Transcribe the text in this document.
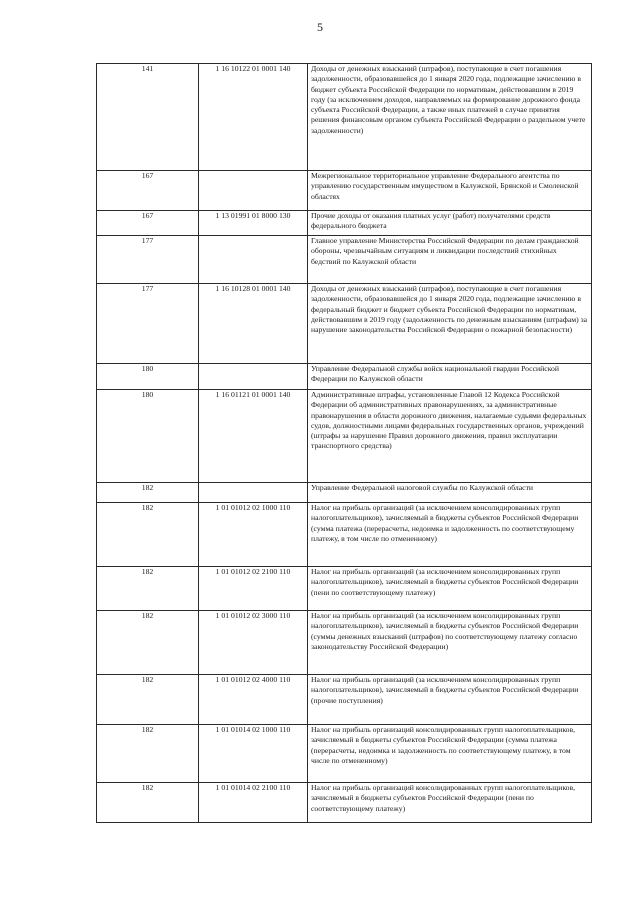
5
141	1 16 10122 01 0001 140	Доходы от денежных взысканий (штрафов), поступающие в счет погашения задолженности, образовавшейся до 1 января 2020 года, подлежащие зачислению в бюджет субъекта Российской Федерации по нормативам, действовавшим в 2019 году (за исключением доходов, направляемых на формирование дорожного фонда субъекта Российской Федерации, а также иных платежей в случае принятия решения финансовым органом субъекта Российской Федерации о раздельном учете задолженности)
167		Межрегиональное территориальное управление Федерального агентства по управлению государственным имуществом в Калужской, Брянской и Смоленской областях
167	1 13 01991 01 8000 130	Прочие доходы от оказания платных услуг (работ) получателями средств федерального бюджета
177		Главное управление Министерства Российской Федерации по делам гражданской обороны, чрезвычайным ситуациям и ликвидации последствий стихийных бедствий по Калужской области
177	1 16 10128 01 0001 140	Доходы от денежных взысканий (штрафов), поступающие в счет погашения задолженности, образовавшейся до 1 января 2020 года, подлежащие зачислению в федеральный бюджет и бюджет субъекта Российской Федерации по нормативам, действовавшим в 2019 году (задолженность по денежным взысканиям (штрафам) за нарушение законодательства Российской Федерации о пожарной безопасности)
180		Управление Федеральной службы войск национальной гвардии Российской Федерации по Калужской области
180	1 16 01121 01 0001 140	Административные штрафы, установленные Главой 12 Кодекса Российской Федерации об административных правонарушениях, за административные правонарушения в области дорожного движения, налагаемые судьями федеральных судов, должностными лицами федеральных государственных органов, учреждений (штрафы за нарушение Правил дорожного движения, правил эксплуатации транспортного средства)
182		Управление Федеральной налоговой службы по Калужской области
182	1 01 01012 02 1000 110	Налог на прибыль организаций (за исключением консолидированных групп налогоплательщиков), зачисляемый в бюджеты субъектов Российской Федерации (сумма платежа (перерасчеты, недоимка и задолженность по соответствующему платежу, в том числе по отмененному)
182	1 01 01012 02 2100 110	Налог на прибыль организаций (за исключением консолидированных групп налогоплательщиков), зачисляемый в бюджеты субъектов Российской Федерации (пени по соответствующему платежу)
182	1 01 01012 02 3000 110	Налог на прибыль организаций (за исключением консолидированных групп налогоплательщиков), зачисляемый в бюджеты субъектов Российской Федерации (суммы денежных взысканий (штрафов) по соответствующему платежу согласно законодательству Российской Федерации)
182	1 01 01012 02 4000 110	Налог на прибыль организаций (за исключением консолидированных групп налогоплательщиков), зачисляемый в бюджеты субъектов Российской Федерации (прочие поступления)
182	1 01 01014 02 1000 110	Налог на прибыль организаций консолидированных групп налогоплательщиков, зачисляемый в бюджеты субъектов Российской Федерации (сумма платежа (перерасчеты, недоимка и задолженность по соответствующему платежу, в том числе по отмененному)
182	1 01 01014 02 2100 110	Налог на прибыль организаций консолидированных групп налогоплательщиков, зачисляемый в бюджеты субъектов Российской Федерации (пени по соответствующему платежу)
